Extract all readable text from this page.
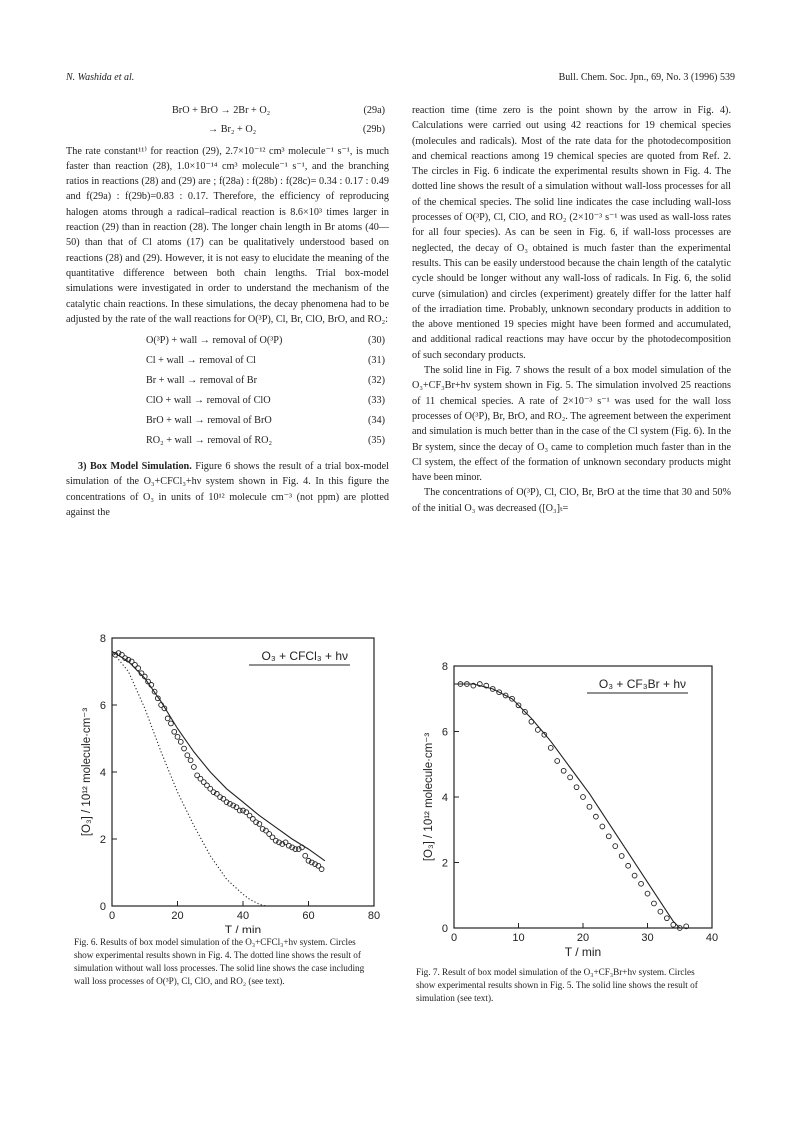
N. Washida et al.	Bull. Chem. Soc. Jpn., 69, No. 3 (1996) 539
BrO + BrO → 2Br + O₂	(29a)
→ Br₂ + O₂	(29b)

The rate constant¹¹⁾ for reaction (29), 2.7×10⁻¹² cm³ molecule⁻¹ s⁻¹, is much faster than reaction (28), 1.0×10⁻¹⁴ cm³ molecule⁻¹ s⁻¹, and the branching ratios in reactions (28) and (29) are ; f(28a) : f(28b) : f(28c)= 0.34 : 0.17 : 0.49 and f(29a) : f(29b)=0.83 : 0.17. Therefore, the efficiency of reproducing halogen atoms through a radical–radical reaction is 8.6×10³ times larger in reaction (29) than in reaction (28). The longer chain length in Br atoms (40—50) than that of Cl atoms (17) can be qualitatively understood based on reactions (28) and (29). However, it is not easy to elucidate the meaning of the quantitative difference between both chain lengths. Trial box-model simulations were investigated in order to understand the mechanism of the catalytic chain reactions. In these simulations, the decay phenomena had to be adjusted by the rate of the wall reactions for O(³P), Cl, Br, ClO, BrO, and RO₂:

O(³P) + wall → removal of O(³P)	(30)
Cl + wall → removal of Cl	(31)
Br + wall → removal of Br	(32)
ClO + wall → removal of ClO	(33)
BrO + wall → removal of BrO	(34)
RO₂ + wall → removal of RO₂	(35)

3) Box Model Simulation. Figure 6 shows the result of a trial box-model simulation of the O₃+CFCl₃+hν system shown in Fig. 4. In this figure the concentrations of O₃ in units of 10¹² molecule cm⁻³ (not ppm) are plotted against the

reaction time (time zero is the point shown by the arrow in Fig. 4). Calculations were carried out using 42 reactions for 19 chemical species (molecules and radicals). Most of the rate data for the photodecomposition and chemical reactions among 19 chemical species are quoted from Ref. 2. The circles in Fig. 6 indicate the experimental results shown in Fig. 4. The dotted line shows the result of a simulation without wall-loss processes for all of the chemical species. The solid line indicates the case including wall-loss processes of O(³P), Cl, ClO, and RO₂ (2×10⁻³ s⁻¹ was used as wall-loss rates for all four species). As can be seen in Fig. 6, if wall-loss processes are neglected, the decay of O₃ obtained is much faster than the experimental results. This can be easily understood because the chain length of the catalytic cycle should be longer without any wall-loss of radicals. In Fig. 6, the solid curve (simulation) and circles (experiment) greately differ for the latter half of the irradiation time. Probably, unknown secondary products in addition to the above mentioned 19 species might have been formed and accumulated, and additional radical reactions may have occur by the photodecomposition of such secondary products.

The solid line in Fig. 7 shows the result of a box model simulation of the O₃+CF₃Br+hν system shown in Fig. 5. The simulation involved 25 reactions of 11 chemical species. A rate of 2×10⁻³ s⁻¹ was used for the wall loss processes of O(³P), Br, BrO, and RO₂. The agreement between the experiment and simulation is much better than in the case of the Cl system (Fig. 6). In the Br system, since the decay of O₃ came to completion much faster than in the Cl system, the effect of the formation of unknown secondary products might have been minor.

The concentrations of O(³P), Cl, ClO, Br, BrO at the time that 30 and 50% of the initial O₃ was decreased ([O₃]ₜ=

0	20	40	60	80
0
2
4
6
8
T / min
[O₃] / 10¹² molecule·cm⁻³
O₃ + CFCl₃ + hν
Fig. 6. Results of box model simulation of the O₃+CFCl₃+hν system. Circles show experimental results shown in Fig. 4. The dotted line shows the result of simulation without wall loss processes. The solid line shows the case including wall loss processes of O(³P), Cl, ClO, and RO₂ (see text).
0	10	20	30	40
0
2
4
6
8
T / min
[O₃] / 10¹² molecule·cm⁻³
O₃ + CF₃Br + hν
Fig. 7. Result of box model simulation of the O₃+CF₃Br+hν system. Circles show experimental results shown in Fig. 5. The solid line shows the result of simulation (see text).
